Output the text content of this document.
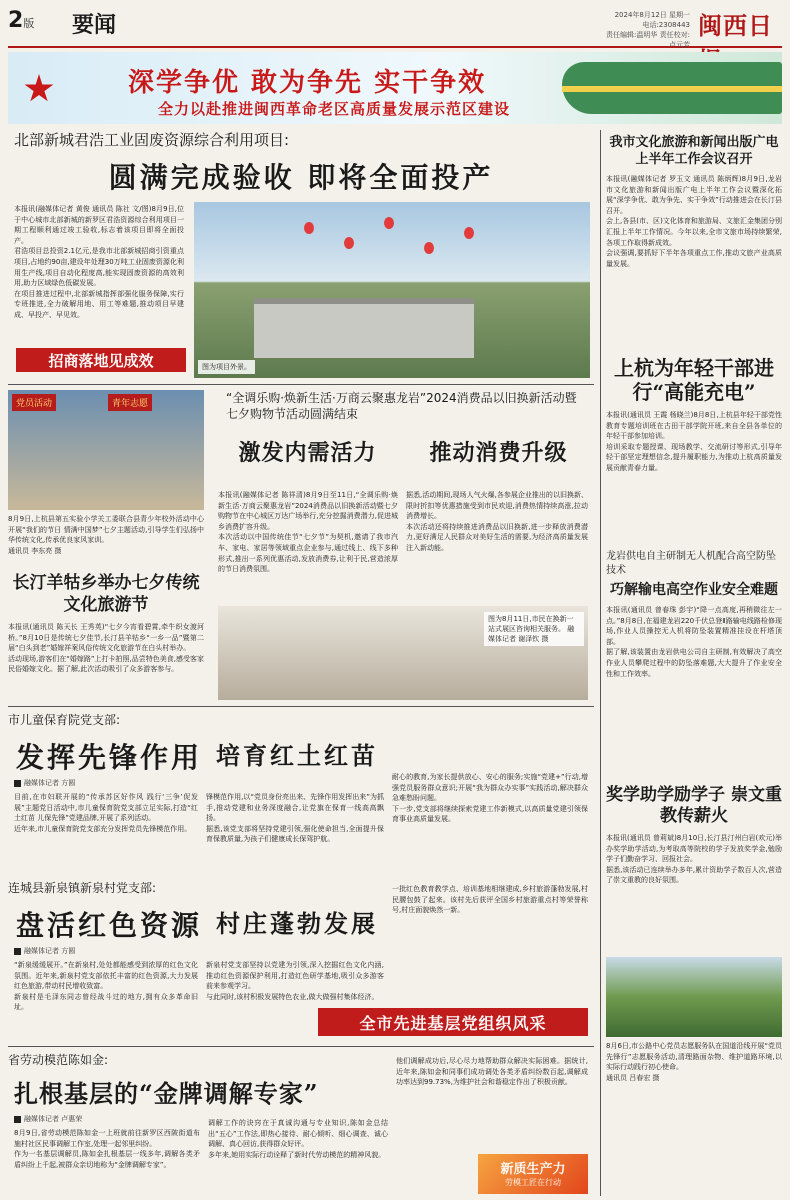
2版 要闻	2024年8月12日 星期一
电话:2308443
责任编辑:温明华 责任校对:卢元芳
闽西日
深学争优 敢为争先 实干争效
全力以赴推进闽西革命老区高质量发展示范区建设
北部新城君浩工业固废资源综合利用项目:
圆满完成验收 即将全面投产
本报讯(融媒体记者 黄俊 通讯员 陈社 文/图)8月9日,位于中心城市北部新城的新罗区君浩资源综合利用项目一期工程顺利通过竣工验收,标志着该项目即将全面投产。
君浩项目总投资2.1亿元,是我市北部新城招商引资重点项目,占地约90亩,建设年处理30万吨工业固废资源化利用生产线,项目自动化程度高,能实现固废资源的高效利用,助力区域绿色低碳发展。
在项目推进过程中,北部新城指挥部强化服务保障,实行专班推进,全力破解用地、用工等难题,推动项目早建成、早投产、早见效。
图为项目外景。
招商落地见成效
党员活动	青年志愿
8月9日,上杭县第五实验小学关工委联合县青少年校外活动中心开展“我们的节日 情满中国梦”七夕主题活动,引导学生们弘扬中华传统文化,传承优良家风家训。
通讯员 李东亮 摄
长汀羊牯乡举办七夕传统文化旅游节
本报讯(通讯员 陈天长 王秀英)“七夕今宵看碧霄,牵牛织女渡河桥。”8月10日是传统七夕佳节,长汀县羊牯乡“一乡一品”暨第二届“白头到老”婚嫁祥案风俗传统文化旅游节在白头村举办。
活动现场,游客们在“婚嫁路”上打卡拍照,品尝特色美食,感受客家民俗婚嫁文化。据了解,此次活动吸引了众多游客参与。
“全调乐购·焕新生活·万商云聚惠龙岩”2024消费品以旧换新活动暨七夕购物节活动圆满结束
激发内需活力 推动消费升级
本报讯(融媒体记者 陈祥清)8月9日至11日,“全调乐购·焕新生活·万商云聚惠龙岩”2024消费品以旧换新活动暨七夕购物节在中心城区万达广场举行,充分挖掘消费潜力,促进城乡消费扩容升级。
本次活动以中国传统佳节“七夕节”为契机,邀请了我市汽车、家电、家居等领域重点企业参与,通过线上、线下多种形式,推出一系列优惠活动,发放消费券,让利于民,营造浓厚的节日消费氛围。
据悉,活动期间,现场人气火爆,各参展企业推出的以旧换新、限时折扣等优惠措施受到市民欢迎,消费热情持续高涨,拉动消费增长。
本次活动还将持续推进消费品以旧换新,进一步释放消费潜力,更好满足人民群众对美好生活的需要,为经济高质量发展注入新动能。
图为8月11日,市民在换新一站式展区咨询相关服务。 融媒体记者 谢泽钦 摄
市儿童保育院党支部:
发挥先锋作用 培育红土红苗
融媒体记者 方圆
目前,在市妇联开展的“传承苏区好作风 践行‘三争’促发展”主题党日活动中,市儿童保育院党支部立足实际,打造“红土红苗 儿保先锋”党建品牌,开展了系列活动。
近年来,市儿童保育院党支部充分发挥党员先锋模范作用。
锋模范作用,以“党员身份亮出来、先锋作用发挥出来”为抓手,推动党建和业务深度融合,让党旗在保育一线高高飘扬。
据悉,该党支部将坚持党建引领,强化使命担当,全面提升保育保教质量,为孩子们健康成长保驾护航。
耐心的教育,为家长提供放心、安心的服务;实施“党建+”行动,增强党员服务群众意识;开展“我为群众办实事”实践活动,解决群众急难愁盼问题。
下一步,党支部将继续探索党建工作新模式,以高质量党建引领保育事业高质量发展。
连城县新泉镇新泉村党支部:
盘活红色资源 村庄蓬勃发展
融媒体记者 方圆
“新泉缓缓展开。”在新泉村,处处都能感受到浓厚的红色文化氛围。近年来,新泉村党支部依托丰富的红色资源,大力发展红色旅游,带动村民增收致富。
新泉村是毛泽东同志曾经战斗过的地方,拥有众多革命旧址。
新泉村党支部坚持以党建为引领,深入挖掘红色文化内涵,推动红色资源保护利用,打造红色研学基地,吸引众多游客前来参观学习。
与此同时,该村积极发展特色农业,做大做强村集体经济。
一批红色教育教学点、培训基地相继建成,乡村旅游蓬勃发展,村民腰包鼓了起来。该村先后获评全国乡村旅游重点村等荣誉称号,村庄面貌焕然一新。
全市先进基层党组织风采
省劳动模范陈如金:
扎根基层的“金牌调解专家”
融媒体记者 卢惠荣
8月9日,省劳动模范陈如金一上班就前往新罗区西陂街道布施村社区民事调解工作室,处理一起邻里纠纷。
作为一名基层调解员,陈如金扎根基层一线多年,调解各类矛盾纠纷上千起,被群众亲切地称为“金牌调解专家”。
调解工作的诀窍在于真诚沟通与专业知识,陈如金总结出“五心”工作法,即热心接待、耐心倾听、细心调查、诚心调解、真心回访,获得群众好评。
多年来,她用实际行动诠释了新时代劳动模范的精神风貌。
他们调解成功后,尽心尽力地帮助群众解决实际困难。据统计,近年来,陈如金和同事们成功调处各类矛盾纠纷数百起,调解成功率达到99.73%,为维护社会和谐稳定作出了积极贡献。
新质生产力
劳模工匠在行动
我市文化旅游和新闻出版广电上半年工作会议召开
本报讯(融媒体记者 罗玉文 通讯员 陈炳辉)8月9日,龙岩市文化旅游和新闻出版广电上半年工作会议暨深化拓展“深学争优、敢为争先、实干争效”行动推进会在长汀县召开。
会上,各县(市、区)文化体育和旅游局、文旅汇金集团分别汇报上半年工作情况。今年以来,全市文旅市场持续繁荣,各项工作取得新成效。
会议强调,要抓好下半年各项重点工作,推动文旅产业高质量发展。
上杭为年轻干部进行“高能充电”
本报讯(通讯员 王霞 杨晓兰)8月8日,上杭县年轻干部党性教育专题培训班在古田干部学院开班,来自全县各单位的年轻干部参加培训。
培训采取专题授课、现场教学、交流研讨等形式,引导年轻干部坚定理想信念,提升履职能力,为推动上杭高质量发展贡献青春力量。
龙岩供电自主研制无人机配合高空防坠技术
巧解输电高空作业安全难题
本报讯(通讯员 曾春珠 彭宇)“降一点高度,再稍微往左一点。”8月8日,在福建龙岩220千伏总登Ⅱ路输电线路检修现场,作业人员操控无人机将防坠装置精准挂设在杆塔顶部。
据了解,该装置由龙岩供电公司自主研制,有效解决了高空作业人员攀爬过程中的防坠落难题,大大提升了作业安全性和工作效率。
奖学助学励学子 崇文重教传薪火
本报讯(通讯员 曾莉斌)8月10日,长汀县汀州白岩(欢元)举办奖学助学活动,为考取高等院校的学子发放奖学金,勉励学子们勤奋学习、回报社会。
据悉,该活动已连续举办多年,累计资助学子数百人次,营造了崇文重教的良好氛围。
8月6日,市公路中心党员志愿服务队在国道沿线开展“党员先锋行”志愿服务活动,清理路面杂物、维护道路环境,以实际行动践行初心使命。
通讯员 吕春宏 摄
